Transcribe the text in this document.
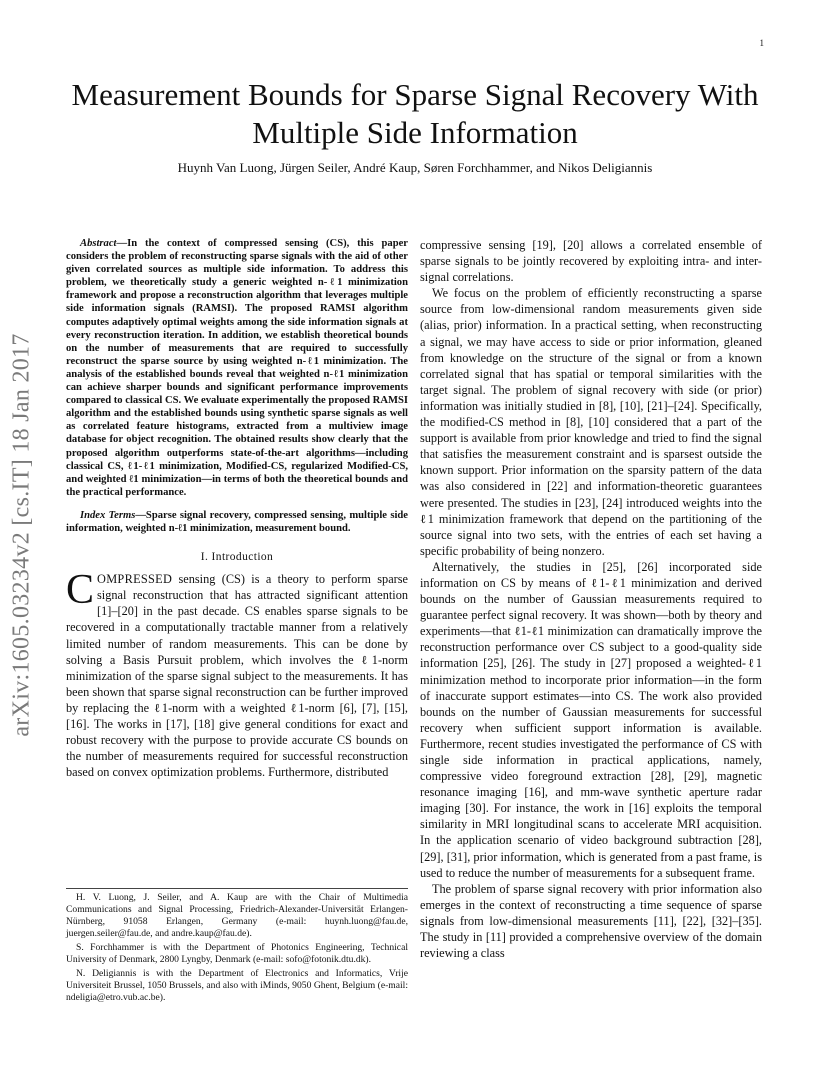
1
arXiv:1605.03234v2 [cs.IT] 18 Jan 2017
Measurement Bounds for Sparse Signal Recovery With Multiple Side Information
Huynh Van Luong, Jürgen Seiler, André Kaup, Søren Forchhammer, and Nikos Deligiannis

Abstract—In the context of compressed sensing (CS), this paper considers the problem of reconstructing sparse signals with the aid of other given correlated sources as multiple side information. To address this problem, we theoretically study a generic weighted n-ℓ1 minimization framework and propose a reconstruction algorithm that leverages multiple side information signals (RAMSI). The proposed RAMSI algorithm computes adaptively optimal weights among the side information signals at every reconstruction iteration. In addition, we establish theoretical bounds on the number of measurements that are required to successfully reconstruct the sparse source by using weighted n-ℓ1 minimization. The analysis of the established bounds reveal that weighted n-ℓ1 minimization can achieve sharper bounds and significant performance improvements compared to classical CS. We evaluate experimentally the proposed RAMSI algorithm and the established bounds using synthetic sparse signals as well as correlated feature histograms, extracted from a multiview image database for object recognition. The obtained results show clearly that the proposed algorithm outperforms state-of-the-art algorithms—including classical CS, ℓ1-ℓ1 minimization, Modified-CS, regularized Modified-CS, and weighted ℓ1 minimization—in terms of both the theoretical bounds and the practical performance.

Index Terms—Sparse signal recovery, compressed sensing, multiple side information, weighted n-ℓ1 minimization, measurement bound.

I. Introduction

COMPRESSED sensing (CS) is a theory to perform sparse signal reconstruction that has attracted significant attention [1]–[20] in the past decade. CS enables sparse signals to be recovered in a computationally tractable manner from a relatively limited number of random measurements. This can be done by solving a Basis Pursuit problem, which involves the ℓ1-norm minimization of the sparse signal subject to the measurements. It has been shown that sparse signal reconstruction can be further improved by replacing the ℓ1-norm with a weighted ℓ1-norm [6], [7], [15], [16]. The works in [17], [18] give general conditions for exact and robust recovery with the purpose to provide accurate CS bounds on the number of measurements required for successful reconstruction based on convex optimization problems. Furthermore, distributed

H. V. Luong, J. Seiler, and A. Kaup are with the Chair of Multimedia Communications and Signal Processing, Friedrich-Alexander-Universität Erlangen-Nürnberg, 91058 Erlangen, Germany (e-mail: huynh.luong@fau.de, juergen.seiler@fau.de, and andre.kaup@fau.de).

S. Forchhammer is with the Department of Photonics Engineering, Technical University of Denmark, 2800 Lyngby, Denmark (e-mail: sofo@fotonik.dtu.dk).

N. Deligiannis is with the Department of Electronics and Informatics, Vrije Universiteit Brussel, 1050 Brussels, and also with iMinds, 9050 Ghent, Belgium (e-mail: ndeligia@etro.vub.ac.be).

compressive sensing [19], [20] allows a correlated ensemble of sparse signals to be jointly recovered by exploiting intra- and inter-signal correlations.

We focus on the problem of efficiently reconstructing a sparse source from low-dimensional random measurements given side (alias, prior) information. In a practical setting, when reconstructing a signal, we may have access to side or prior information, gleaned from knowledge on the structure of the signal or from a known correlated signal that has spatial or temporal similarities with the target signal. The problem of signal recovery with side (or prior) information was initially studied in [8], [10], [21]–[24]. Specifically, the modified-CS method in [8], [10] considered that a part of the support is available from prior knowledge and tried to find the signal that satisfies the measurement constraint and is sparsest outside the known support. Prior information on the sparsity pattern of the data was also considered in [22] and information-theoretic guarantees were presented. The studies in [23], [24] introduced weights into the ℓ1 minimization framework that depend on the partitioning of the source signal into two sets, with the entries of each set having a specific probability of being nonzero.

Alternatively, the studies in [25], [26] incorporated side information on CS by means of ℓ1-ℓ1 minimization and derived bounds on the number of Gaussian measurements required to guarantee perfect signal recovery. It was shown—both by theory and experiments—that ℓ1-ℓ1 minimization can dramatically improve the reconstruction performance over CS subject to a good-quality side information [25], [26]. The study in [27] proposed a weighted-ℓ1 minimization method to incorporate prior information—in the form of inaccurate support estimates—into CS. The work also provided bounds on the number of Gaussian measurements for successful recovery when sufficient support information is available. Furthermore, recent studies investigated the performance of CS with single side information in practical applications, namely, compressive video foreground extraction [28], [29], magnetic resonance imaging [16], and mm-wave synthetic aperture radar imaging [30]. For instance, the work in [16] exploits the temporal similarity in MRI longitudinal scans to accelerate MRI acquisition. In the application scenario of video background subtraction [28], [29], [31], prior information, which is generated from a past frame, is used to reduce the number of measurements for a subsequent frame.

The problem of sparse signal recovery with prior information also emerges in the context of reconstructing a time sequence of sparse signals from low-dimensional measurements [11], [22], [32]–[35]. The study in [11] provided a comprehensive overview of the domain reviewing a class
